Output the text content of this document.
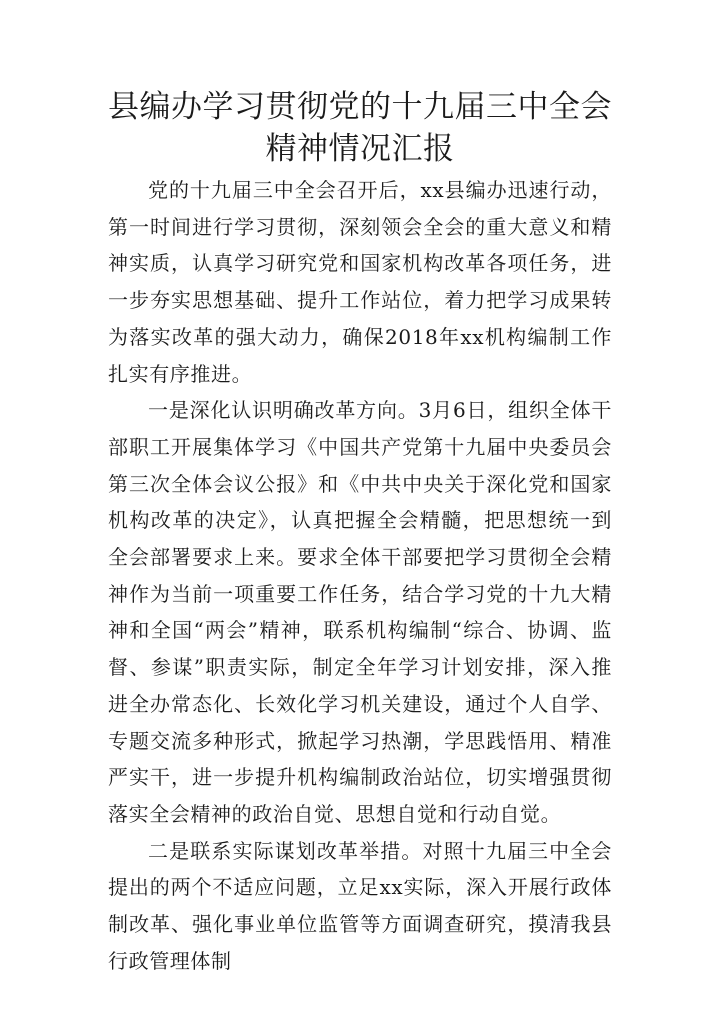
县编办学习贯彻党的十九届三中全会精神情况汇报

党的十九届三中全会召开后，xx县编办迅速行动，第一时间进行学习贯彻，深刻领会全会的重大意义和精神实质，认真学习研究党和国家机构改革各项任务，进一步夯实思想基础、提升工作站位，着力把学习成果转为落实改革的强大动力，确保2018年xx机构编制工作扎实有序推进。

一是深化认识明确改革方向。3月6日，组织全体干部职工开展集体学习《中国共产党第十九届中央委员会第三次全体会议公报》和《中共中央关于深化党和国家机构改革的决定》，认真把握全会精髓，把思想统一到全会部署要求上来。要求全体干部要把学习贯彻全会精神作为当前一项重要工作任务，结合学习党的十九大精神和全国“两会”精神，联系机构编制“综合、协调、监督、参谋”职责实际，制定全年学习计划安排，深入推进全办常态化、长效化学习机关建设，通过个人自学、专题交流多种形式，掀起学习热潮，学思践悟用、精准严实干，进一步提升机构编制政治站位，切实增强贯彻落实全会精神的政治自觉、思想自觉和行动自觉。

二是联系实际谋划改革举措。对照十九届三中全会提出的两个不适应问题，立足xx实际，深入开展行政体制改革、强化事业单位监管等方面调查研究，摸清我县行政管理体制
